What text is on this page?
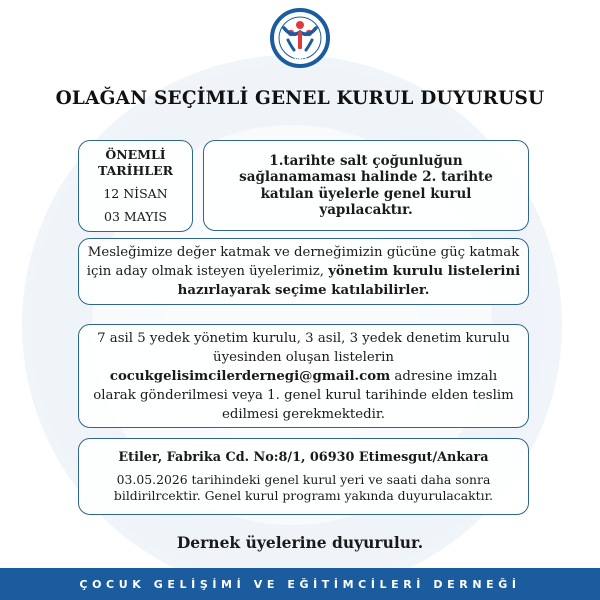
2003
OLAĞAN SEÇİMLİ GENEL KURUL DUYURUSU
ÖNEMLİ
TARİHLER
12 NİSAN
03 MAYIS

1.tarihte salt çoğunluğun sağlanamaması halinde 2. tarihte katılan üyelerle genel kurul yapılacaktır.

Mesleğimize değer katmak ve derneğimizin gücüne güç katmak için aday olmak isteyen üyelerimiz, yönetim kurulu listelerini hazırlayarak seçime katılabilirler.

7 asil 5 yedek yönetim kurulu, 3 asil, 3 yedek denetim kurulu üyesinden oluşan listelerin cocukgelisimcilerdernegi@gmail.com adresine imzalı olarak gönderilmesi veya 1. genel kurul tarihinde elden teslim edilmesi gerekmektedir.

Etiler, Fabrika Cd. No:8/1, 06930 Etimesgut/Ankara

03.05.2026 tarihindeki genel kurul yeri ve saati daha sonra bildirilrcektir. Genel kurul programı yakında duyurulacaktır.

Dernek üyelerine duyurulur.
ÇOCUK GELİŞİMİ VE EĞİTİMCİLERİ DERNEĞİ
